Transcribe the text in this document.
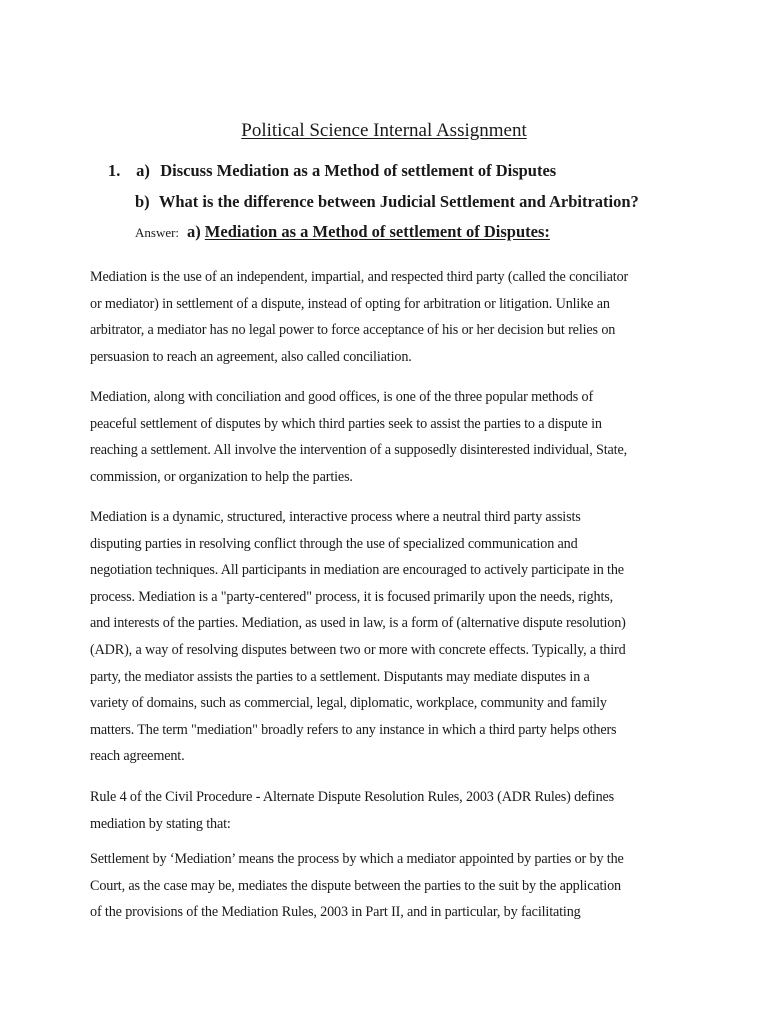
Political Science Internal Assignment
1. a) Discuss Mediation as a Method of settlement of Disputes
b) What is the difference between Judicial Settlement and Arbitration?
Answer: a) Mediation as a Method of settlement of Disputes:
Mediation is the use of an independent, impartial, and respected third party (called the conciliator
or mediator) in settlement of a dispute, instead of opting for arbitration or litigation. Unlike an
arbitrator, a mediator has no legal power to force acceptance of his or her decision but relies on
persuasion to reach an agreement, also called conciliation.
Mediation, along with conciliation and good offices, is one of the three popular methods of
peaceful settlement of disputes by which third parties seek to assist the parties to a dispute in
reaching a settlement. All involve the intervention of a supposedly disinterested individual, State,
commission, or organization to help the parties.
Mediation is a dynamic, structured, interactive process where a neutral third party assists
disputing parties in resolving conflict through the use of specialized communication and
negotiation techniques. All participants in mediation are encouraged to actively participate in the
process. Mediation is a "party-centered" process, it is focused primarily upon the needs, rights,
and interests of the parties. Mediation, as used in law, is a form of (alternative dispute resolution)
(ADR), a way of resolving disputes between two or more with concrete effects. Typically, a third
party, the mediator assists the parties to a settlement. Disputants may mediate disputes in a
variety of domains, such as commercial, legal, diplomatic, workplace, community and family
matters. The term "mediation" broadly refers to any instance in which a third party helps others
reach agreement.
Rule 4 of the Civil Procedure - Alternate Dispute Resolution Rules, 2003 (ADR Rules) defines
mediation by stating that:
Settlement by ‘Mediation’ means the process by which a mediator appointed by parties or by the
Court, as the case may be, mediates the dispute between the parties to the suit by the application
of the provisions of the Mediation Rules, 2003 in Part II, and in particular, by facilitating
